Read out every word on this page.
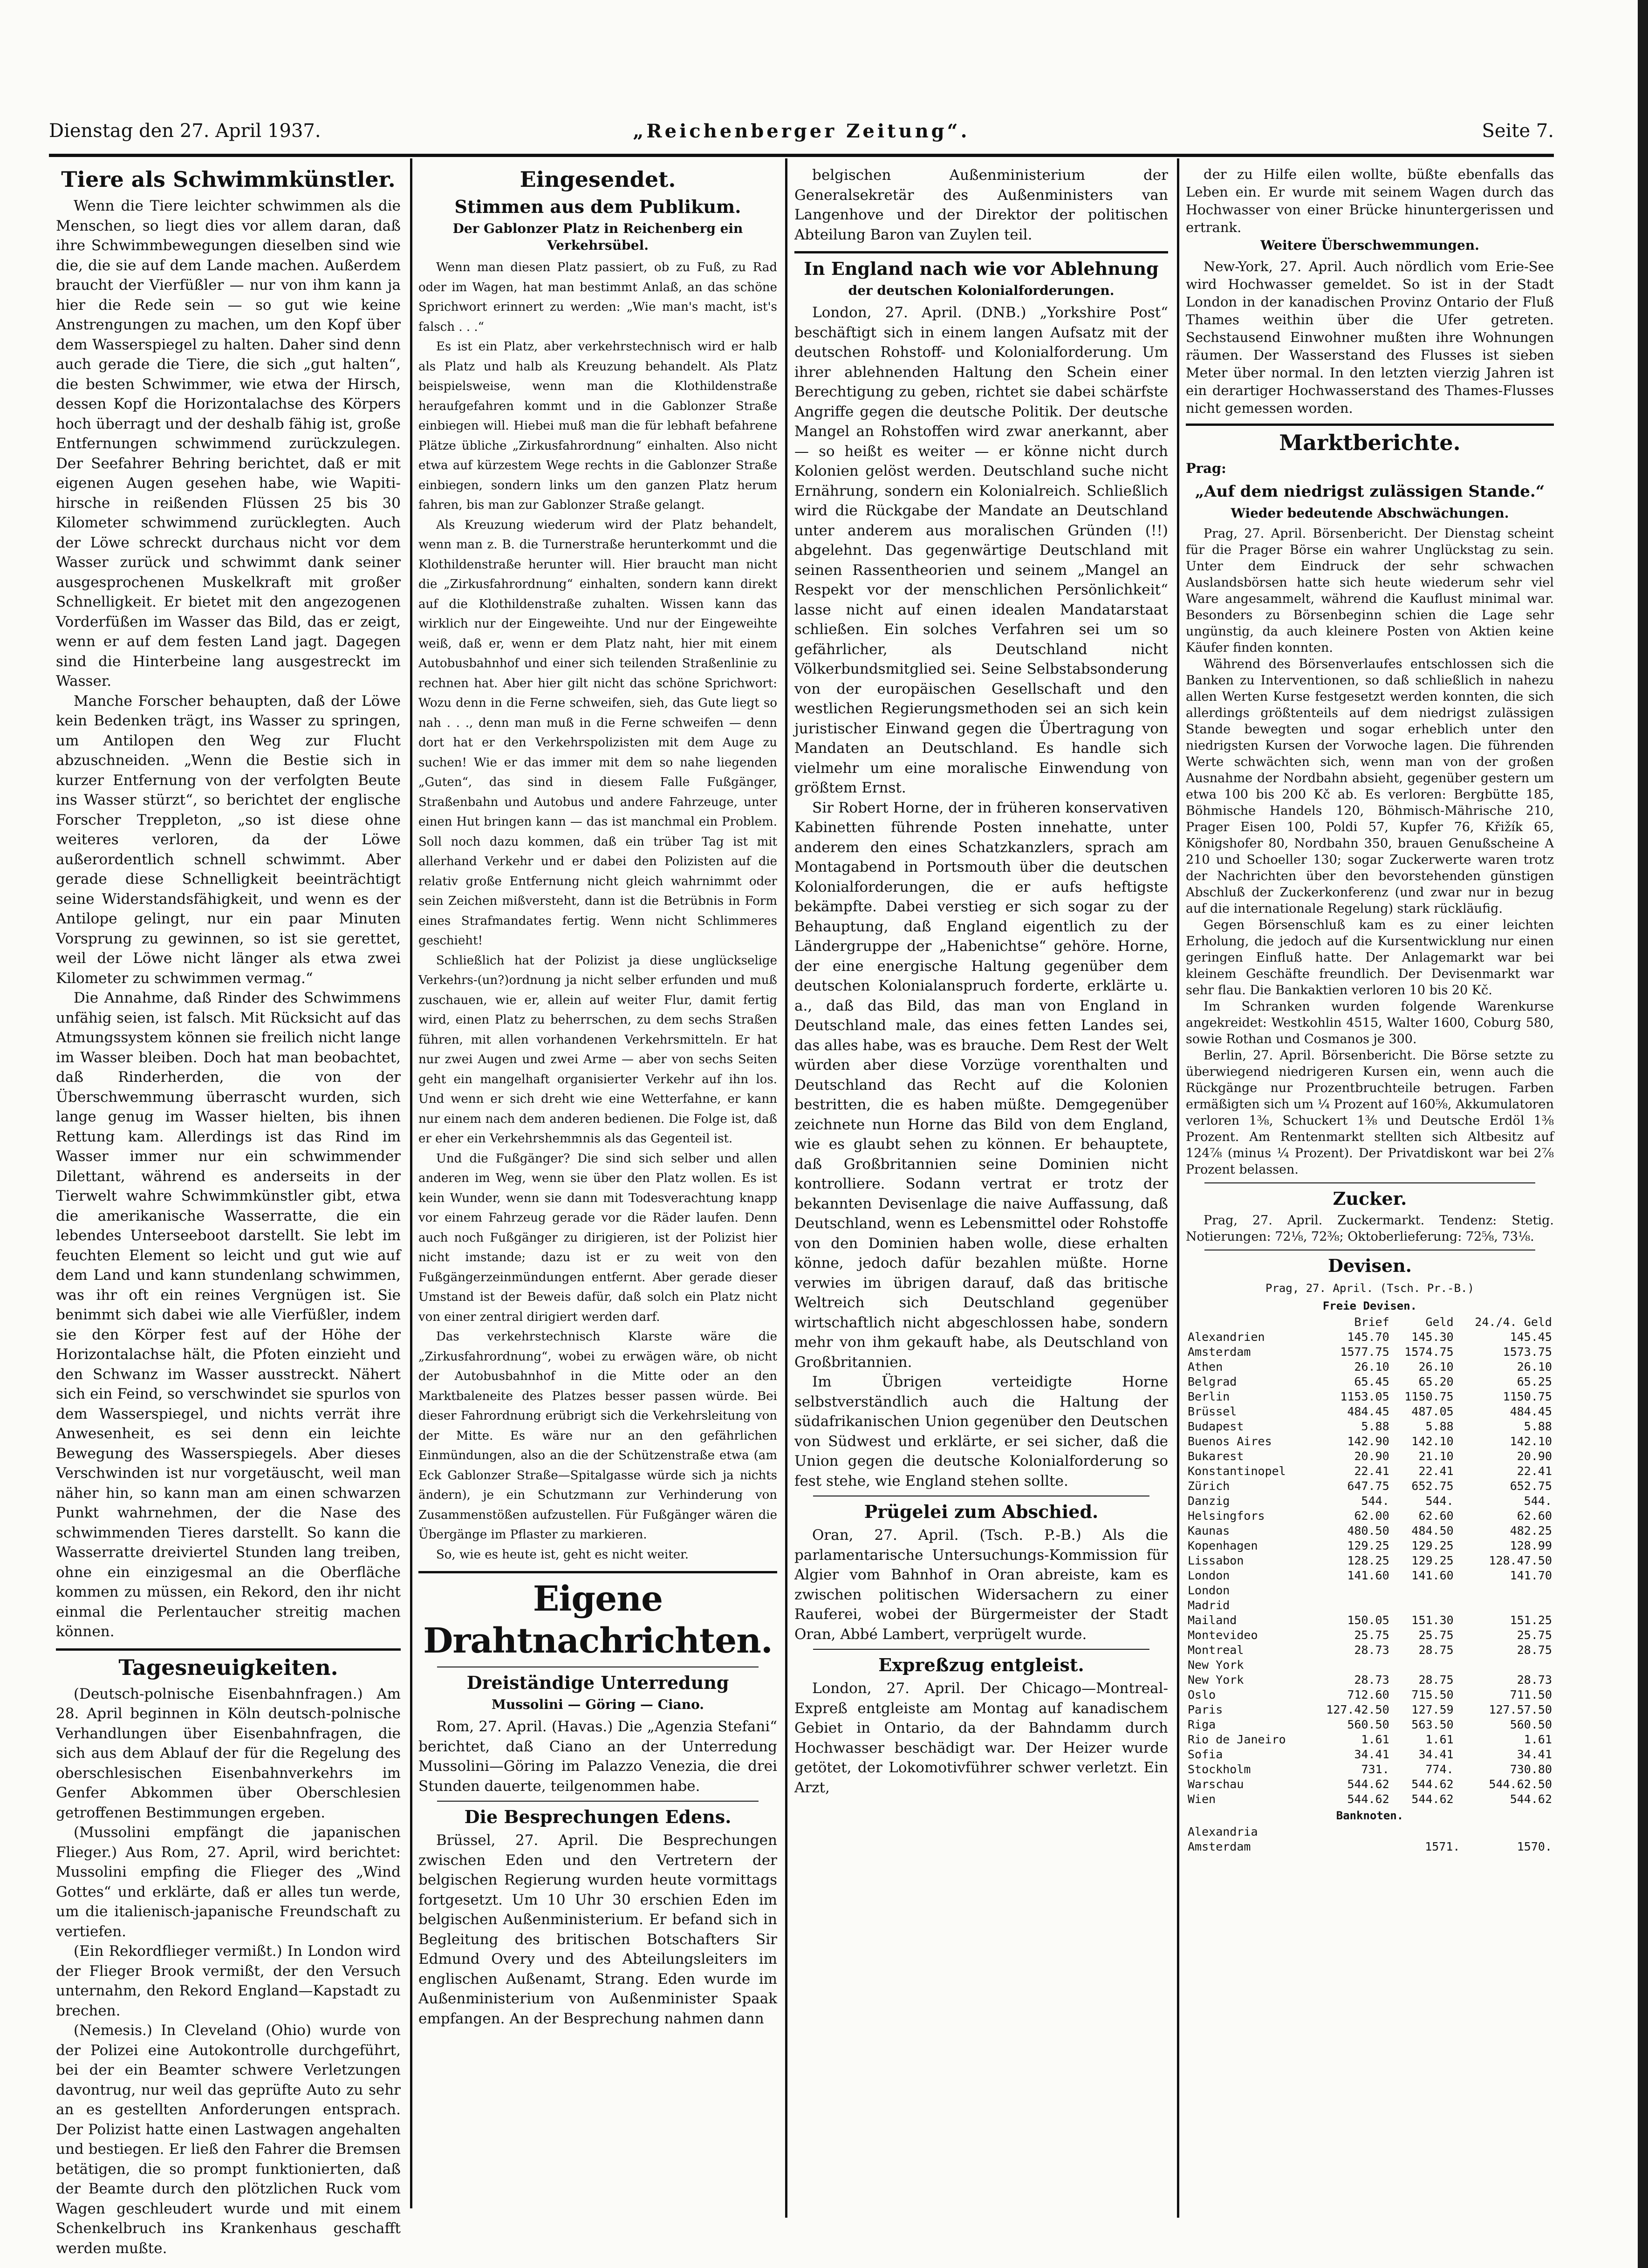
Dienstag den 27. April 1937.	„Reichenberger Zeitung“.	Seite 7.
Tiere als Schwimmkünstler.

Wenn die Tiere leichter schwimmen als die Menschen, so liegt dies vor allem daran, daß ihre Schwimmbewegungen dieselben sind wie die, die sie auf dem Lande machen. Außerdem braucht der Vierfüßler — nur von ihm kann ja hier die Rede sein — so gut wie keine Anstrengungen zu machen, um den Kopf über dem Wasserspiegel zu halten. Daher sind denn auch gerade die Tiere, die sich „gut halten“, die besten Schwimmer, wie etwa der Hirsch, dessen Kopf die Horizontalachse des Körpers hoch überragt und der deshalb fähig ist, große Entfernungen schwimmend zurückzulegen. Der Seefahrer Behring berichtet, daß er mit eigenen Augen gesehen habe, wie Wapiti-hirsche in reißenden Flüssen 25 bis 30 Kilometer schwimmend zurücklegten. Auch der Löwe schreckt durchaus nicht vor dem Wasser zurück und schwimmt dank seiner ausgesprochenen Muskelkraft mit großer Schnelligkeit. Er bietet mit den angezogenen Vorderfüßen im Wasser das Bild, das er zeigt, wenn er auf dem festen Land jagt. Dagegen sind die Hinterbeine lang ausgestreckt im Wasser.

Manche Forscher behaupten, daß der Löwe kein Bedenken trägt, ins Wasser zu springen, um Antilopen den Weg zur Flucht abzuschneiden. „Wenn die Bestie sich in kurzer Entfernung von der verfolgten Beute ins Wasser stürzt“, so berichtet der englische Forscher Treppleton, „so ist diese ohne weiteres verloren, da der Löwe außerordentlich schnell schwimmt. Aber gerade diese Schnelligkeit beeinträchtigt seine Widerstandsfähigkeit, und wenn es der Antilope gelingt, nur ein paar Minuten Vorsprung zu gewinnen, so ist sie gerettet, weil der Löwe nicht länger als etwa zwei Kilometer zu schwimmen vermag.“

Die Annahme, daß Rinder des Schwimmens unfähig seien, ist falsch. Mit Rücksicht auf das Atmungssystem können sie freilich nicht lange im Wasser bleiben. Doch hat man beobachtet, daß Rinderherden, die von der Überschwemmung überrascht wurden, sich lange genug im Wasser hielten, bis ihnen Rettung kam. Allerdings ist das Rind im Wasser immer nur ein schwimmender Dilettant, während es anderseits in der Tierwelt wahre Schwimmkünstler gibt, etwa die amerikanische Wasserratte, die ein lebendes Unterseeboot darstellt. Sie lebt im feuchten Element so leicht und gut wie auf dem Land und kann stundenlang schwimmen, was ihr oft ein reines Vergnügen ist. Sie benimmt sich dabei wie alle Vierfüßler, indem sie den Körper fest auf der Höhe der Horizontalachse hält, die Pfoten einzieht und den Schwanz im Wasser ausstreckt. Nähert sich ein Feind, so verschwindet sie spurlos von dem Wasserspiegel, und nichts verrät ihre Anwesenheit, es sei denn ein leichte Bewegung des Wasserspiegels. Aber dieses Verschwinden ist nur vorgetäuscht, weil man näher hin, so kann man am einen schwarzen Punkt wahrnehmen, der die Nase des schwimmenden Tieres darstellt. So kann die Wasserratte dreiviertel Stunden lang treiben, ohne ein einzigesmal an die Oberfläche kommen zu müssen, ein Rekord, den ihr nicht einmal die Perlentaucher streitig machen können.

Tagesneuigkeiten.

(Deutsch-polnische Eisenbahnfragen.) Am 28. April beginnen in Köln deutsch-polnische Verhandlungen über Eisenbahnfragen, die sich aus dem Ablauf der für die Regelung des oberschlesischen Eisenbahnverkehrs im Genfer Abkommen über Oberschlesien getroffenen Bestimmungen ergeben.

(Mussolini empfängt die japanischen Flieger.) Aus Rom, 27. April, wird berichtet: Mussolini empfing die Flieger des „Wind Gottes“ und erklärte, daß er alles tun werde, um die italienisch-japanische Freundschaft zu vertiefen.

(Ein Rekordflieger vermißt.) In London wird der Flieger Brook vermißt, der den Versuch unternahm, den Rekord England—Kapstadt zu brechen.

(Nemesis.) In Cleveland (Ohio) wurde von der Polizei eine Autokontrolle durchgeführt, bei der ein Beamter schwere Verletzungen davontrug, nur weil das geprüfte Auto zu sehr an es gestellten Anforderungen entsprach. Der Polizist hatte einen Lastwagen angehalten und bestiegen. Er ließ den Fahrer die Bremsen betätigen, die so prompt funktionierten, daß der Beamte durch den plötzlichen Ruck vom Wagen geschleudert wurde und mit einem Schenkelbruch ins Krankenhaus geschafft werden mußte.

Eingesendet.
Stimmen aus dem Publikum.
Der Gablonzer Platz in Reichenberg ein Verkehrsübel.

Wenn man diesen Platz passiert, ob zu Fuß, zu Rad oder im Wagen, hat man bestimmt Anlaß, an das schöne Sprichwort erinnert zu werden: „Wie man's macht, ist's falsch . . .“

Es ist ein Platz, aber verkehrstechnisch wird er halb als Platz und halb als Kreuzung behandelt. Als Platz beispielsweise, wenn man die Klothildenstraße heraufgefahren kommt und in die Gablonzer Straße einbiegen will. Hiebei muß man die für lebhaft befahrene Plätze übliche „Zirkusfahrordnung“ einhalten. Also nicht etwa auf kürzestem Wege rechts in die Gablonzer Straße einbiegen, sondern links um den ganzen Platz herum fahren, bis man zur Gablonzer Straße gelangt.

Als Kreuzung wiederum wird der Platz behandelt, wenn man z. B. die Turnerstraße herunterkommt und die Klothildenstraße herunter will. Hier braucht man nicht die „Zirkusfahrordnung“ einhalten, sondern kann direkt auf die Klothildenstraße zuhalten. Wissen kann das wirklich nur der Eingeweihte. Und nur der Eingeweihte weiß, daß er, wenn er dem Platz naht, hier mit einem Autobusbahnhof und einer sich teilenden Straßenlinie zu rechnen hat. Aber hier gilt nicht das schöne Sprichwort: Wozu denn in die Ferne schweifen, sieh, das Gute liegt so nah . . ., denn man muß in die Ferne schweifen — denn dort hat er den Verkehrspolizisten mit dem Auge zu suchen! Wie er das immer mit dem so nahe liegenden „Guten“, das sind in diesem Falle Fußgänger, Straßenbahn und Autobus und andere Fahrzeuge, unter einen Hut bringen kann — das ist manchmal ein Problem. Soll noch dazu kommen, daß ein trüber Tag ist mit allerhand Verkehr und er dabei den Polizisten auf die relativ große Entfernung nicht gleich wahrnimmt oder sein Zeichen mißversteht, dann ist die Betrübnis in Form eines Strafmandates fertig. Wenn nicht Schlimmeres geschieht!

Schließlich hat der Polizist ja diese unglückselige Verkehrs-(un?)ordnung ja nicht selber erfunden und muß zuschauen, wie er, allein auf weiter Flur, damit fertig wird, einen Platz zu beherrschen, zu dem sechs Straßen führen, mit allen vorhandenen Verkehrsmitteln. Er hat nur zwei Augen und zwei Arme — aber von sechs Seiten geht ein mangelhaft organisierter Verkehr auf ihn los. Und wenn er sich dreht wie eine Wetterfahne, er kann nur einem nach dem anderen bedienen. Die Folge ist, daß er eher ein Verkehrshemmnis als das Gegenteil ist.

Und die Fußgänger? Die sind sich selber und allen anderen im Weg, wenn sie über den Platz wollen. Es ist kein Wunder, wenn sie dann mit Todesverachtung knapp vor einem Fahrzeug gerade vor die Räder laufen. Denn auch noch Fußgänger zu dirigieren, ist der Polizist hier nicht imstande; dazu ist er zu weit von den Fußgängerzeinmündungen entfernt. Aber gerade dieser Umstand ist der Beweis dafür, daß solch ein Platz nicht von einer zentral dirigiert werden darf.

Das verkehrstechnisch Klarste wäre die „Zirkusfahrordnung“, wobei zu erwägen wäre, ob nicht der Autobusbahnhof in die Mitte oder an den Marktbaleneite des Platzes besser passen würde. Bei dieser Fahrordnung erübrigt sich die Verkehrsleitung von der Mitte. Es wäre nur an den gefährlichen Einmündungen, also an die der Schützenstraße etwa (am Eck Gablonzer Straße—Spitalgasse würde sich ja nichts ändern), je ein Schutzmann zur Verhinderung von Zusammenstößen aufzustellen. Für Fußgänger wären die Übergänge im Pflaster zu markieren.

So, wie es heute ist, geht es nicht weiter.

Eigene Drahtnachrichten.
Dreiständige Unterredung
Mussolini — Göring — Ciano.

Rom, 27. April. (Havas.) Die „Agenzia Stefani“ berichtet, daß Ciano an der Unterredung Mussolini—Göring im Palazzo Venezia, die drei Stunden dauerte, teilgenommen habe.

Die Besprechungen Edens.

Brüssel, 27. April. Die Besprechungen zwischen Eden und den Vertretern der belgischen Regierung wurden heute vormittags fortgesetzt. Um 10 Uhr 30 erschien Eden im belgischen Außenministerium. Er befand sich in Begleitung des britischen Botschafters Sir Edmund Overy und des Abteilungsleiters im englischen Außenamt, Strang. Eden wurde im Außenministerium von Außenminister Spaak empfangen. An der Besprechung nahmen dann

belgischen Außenministerium der Generalsekretär des Außenministers van Langenhove und der Direktor der politischen Abteilung Baron van Zuylen teil.

In England nach wie vor Ablehnung
der deutschen Kolonialforderungen.

London, 27. April. (DNB.) „Yorkshire Post“ beschäftigt sich in einem langen Aufsatz mit der deutschen Rohstoff- und Kolonialforderung. Um ihrer ablehnenden Haltung den Schein einer Berechtigung zu geben, richtet sie dabei schärfste Angriffe gegen die deutsche Politik. Der deutsche Mangel an Rohstoffen wird zwar anerkannt, aber — so heißt es weiter — er könne nicht durch Kolonien gelöst werden. Deutschland suche nicht Ernährung, sondern ein Kolonialreich. Schließlich wird die Rückgabe der Mandate an Deutschland unter anderem aus moralischen Gründen (!!) abgelehnt. Das gegenwärtige Deutschland mit seinen Rassentheorien und seinem „Mangel an Respekt vor der menschlichen Persönlichkeit“ lasse nicht auf einen idealen Mandatarstaat schließen. Ein solches Verfahren sei um so gefährlicher, als Deutschland nicht Völkerbundsmitglied sei. Seine Selbstabsonderung von der europäischen Gesellschaft und den westlichen Regierungsmethoden sei an sich kein juristischer Einwand gegen die Übertragung von Mandaten an Deutschland. Es handle sich vielmehr um eine moralische Einwendung von größtem Ernst.

Sir Robert Horne, der in früheren konservativen Kabinetten führende Posten innehatte, unter anderem den eines Schatzkanzlers, sprach am Montagabend in Portsmouth über die deutschen Kolonialforderungen, die er aufs heftigste bekämpfte. Dabei verstieg er sich sogar zu der Behauptung, daß England eigentlich zu der Ländergruppe der „Habenichtse“ gehöre. Horne, der eine energische Haltung gegenüber dem deutschen Kolonialanspruch forderte, erklärte u. a., daß das Bild, das man von England in Deutschland male, das eines fetten Landes sei, das alles habe, was es brauche. Dem Rest der Welt würden aber diese Vorzüge vorenthalten und Deutschland das Recht auf die Kolonien bestritten, die es haben müßte. Demgegenüber zeichnete nun Horne das Bild von dem England, wie es glaubt sehen zu können. Er behauptete, daß Großbritannien seine Dominien nicht kontrolliere. Sodann vertrat er trotz der bekannten Devisenlage die naive Auffassung, daß Deutschland, wenn es Lebensmittel oder Rohstoffe von den Dominien haben wolle, diese erhalten könne, jedoch dafür bezahlen müßte. Horne verwies im übrigen darauf, daß das britische Weltreich sich Deutschland gegenüber wirtschaftlich nicht abgeschlossen habe, sondern mehr von ihm gekauft habe, als Deutschland von Großbritannien.

Im Übrigen verteidigte Horne selbstverständlich auch die Haltung der südafrikanischen Union gegenüber den Deutschen von Südwest und erklärte, er sei sicher, daß die Union gegen die deutsche Kolonialforderung so fest stehe, wie England stehen sollte.

Prügelei zum Abschied.

Oran, 27. April. (Tsch. P.-B.) Als die parlamentarische Untersuchungs-Kommission für Algier vom Bahnhof in Oran abreiste, kam es zwischen politischen Widersachern zu einer Rauferei, wobei der Bürgermeister der Stadt Oran, Abbé Lambert, verprügelt wurde.

Expreßzug entgleist.

London, 27. April. Der Chicago—Montreal-Expreß entgleiste am Montag auf kanadischem Gebiet in Ontario, da der Bahndamm durch Hochwasser beschädigt war. Der Heizer wurde getötet, der Lokomotivführer schwer verletzt. Ein Arzt,

der zu Hilfe eilen wollte, büßte ebenfalls das Leben ein. Er wurde mit seinem Wagen durch das Hochwasser von einer Brücke hinuntergerissen und ertrank.

Weitere Überschwemmungen.

New-York, 27. April. Auch nördlich vom Erie-See wird Hochwasser gemeldet. So ist in der Stadt London in der kanadischen Provinz Ontario der Fluß Thames weithin über die Ufer getreten. Sechstausend Einwohner mußten ihre Wohnungen räumen. Der Wasserstand des Flusses ist sieben Meter über normal. In den letzten vierzig Jahren ist ein derartiger Hochwasserstand des Thames-Flusses nicht gemessen worden.

Marktberichte.
Prag:
„Auf dem niedrigst zulässigen Stande.“
Wieder bedeutende Abschwächungen.

Prag, 27. April. Börsenbericht. Der Dienstag scheint für die Prager Börse ein wahrer Unglückstag zu sein. Unter dem Eindruck der sehr schwachen Auslandsbörsen hatte sich heute wiederum sehr viel Ware angesammelt, während die Kauflust minimal war. Besonders zu Börsenbeginn schien die Lage sehr ungünstig, da auch kleinere Posten von Aktien keine Käufer finden konnten.

Während des Börsenverlaufes entschlossen sich die Banken zu Interventionen, so daß schließlich in nahezu allen Werten Kurse festgesetzt werden konnten, die sich allerdings größtenteils auf dem niedrigst zulässigen Stande bewegten und sogar erheblich unter den niedrigsten Kursen der Vorwoche lagen. Die führenden Werte schwächten sich, wenn man von der großen Ausnahme der Nordbahn absieht, gegenüber gestern um etwa 100 bis 200 Kč ab. Es verloren: Bergbütte 185, Böhmische Handels 120, Böhmisch-Mährische 210, Prager Eisen 100, Poldi 57, Kupfer 76, Křižík 65, Königshofer 80, Nordbahn 350, brauen Genußscheine A 210 und Schoeller 130; sogar Zuckerwerte waren trotz der Nachrichten über den bevorstehenden günstigen Abschluß der Zuckerkonferenz (und zwar nur in bezug auf die internationale Regelung) stark rückläufig.

Gegen Börsenschluß kam es zu einer leichten Erholung, die jedoch auf die Kursentwicklung nur einen geringen Einfluß hatte. Der Anlagemarkt war bei kleinem Geschäfte freundlich. Der Devisenmarkt war sehr flau. Die Bankaktien verloren 10 bis 20 Kč.

Im Schranken wurden folgende Warenkurse angekreidet: Westkohlin 4515, Walter 1600, Coburg 580, sowie Rothan und Cosmanos je 300.

Berlin, 27. April. Börsenbericht. Die Börse setzte zu überwiegend niedrigeren Kursen ein, wenn auch die Rückgänge nur Prozentbruchteile betrugen. Farben ermäßigten sich um ¼ Prozent auf 160⅝, Akkumulatoren verloren 1⅜, Schuckert 1⅜ und Deutsche Erdöl 1⅜ Prozent. Am Rentenmarkt stellten sich Altbesitz auf 124⅞ (minus ¼ Prozent). Der Privatdiskont war bei 2⅞ Prozent belassen.

Zucker.

Prag, 27. April. Zuckermarkt. Tendenz: Stetig. Notierungen: 72⅛, 72⅜; Oktoberlieferung: 72⅝, 73⅛.

Devisen.
Prag, 27. April. (Tsch. Pr.-B.)
Freie Devisen.
	Brief	Geld	24./4. Geld
Alexandrien	145.70	145.30	145.45
Amsterdam	1577.75	1574.75	1573.75
Athen	26.10	26.10	26.10
Belgrad	65.45	65.20	65.25
Berlin	1153.05	1150.75	1150.75
Brüssel	484.45	487.05	484.45
Budapest	5.88	5.88	5.88
Buenos Aires	142.90	142.10	142.10
Bukarest	20.90	21.10	20.90
Konstantinopel	22.41	22.41	22.41
Zürich	647.75	652.75	652.75
Danzig	544.	544.	544.
Helsingfors	62.00	62.60	62.60
Kaunas	480.50	484.50	482.25
Kopenhagen	129.25	129.25	128.99
Lissabon	128.25	129.25	128.47.50
London	141.60	141.60	141.70
London			
Madrid			
Mailand	150.05	151.30	151.25
Montevideo	25.75	25.75	25.75
Montreal	28.73	28.75	28.75
New York			
New York	28.73	28.75	28.73
Oslo	712.60	715.50	711.50
Paris	127.42.50	127.59	127.57.50
Riga	560.50	563.50	560.50
Rio de Janeiro	1.61	1.61	1.61
Sofia	34.41	34.41	34.41
Stockholm	731.	774.	730.80
Warschau	544.62	544.62	544.62.50
Wien	544.62	544.62	544.62
Banknoten.
Alexandria			
Amsterdam		1571.	1570.
